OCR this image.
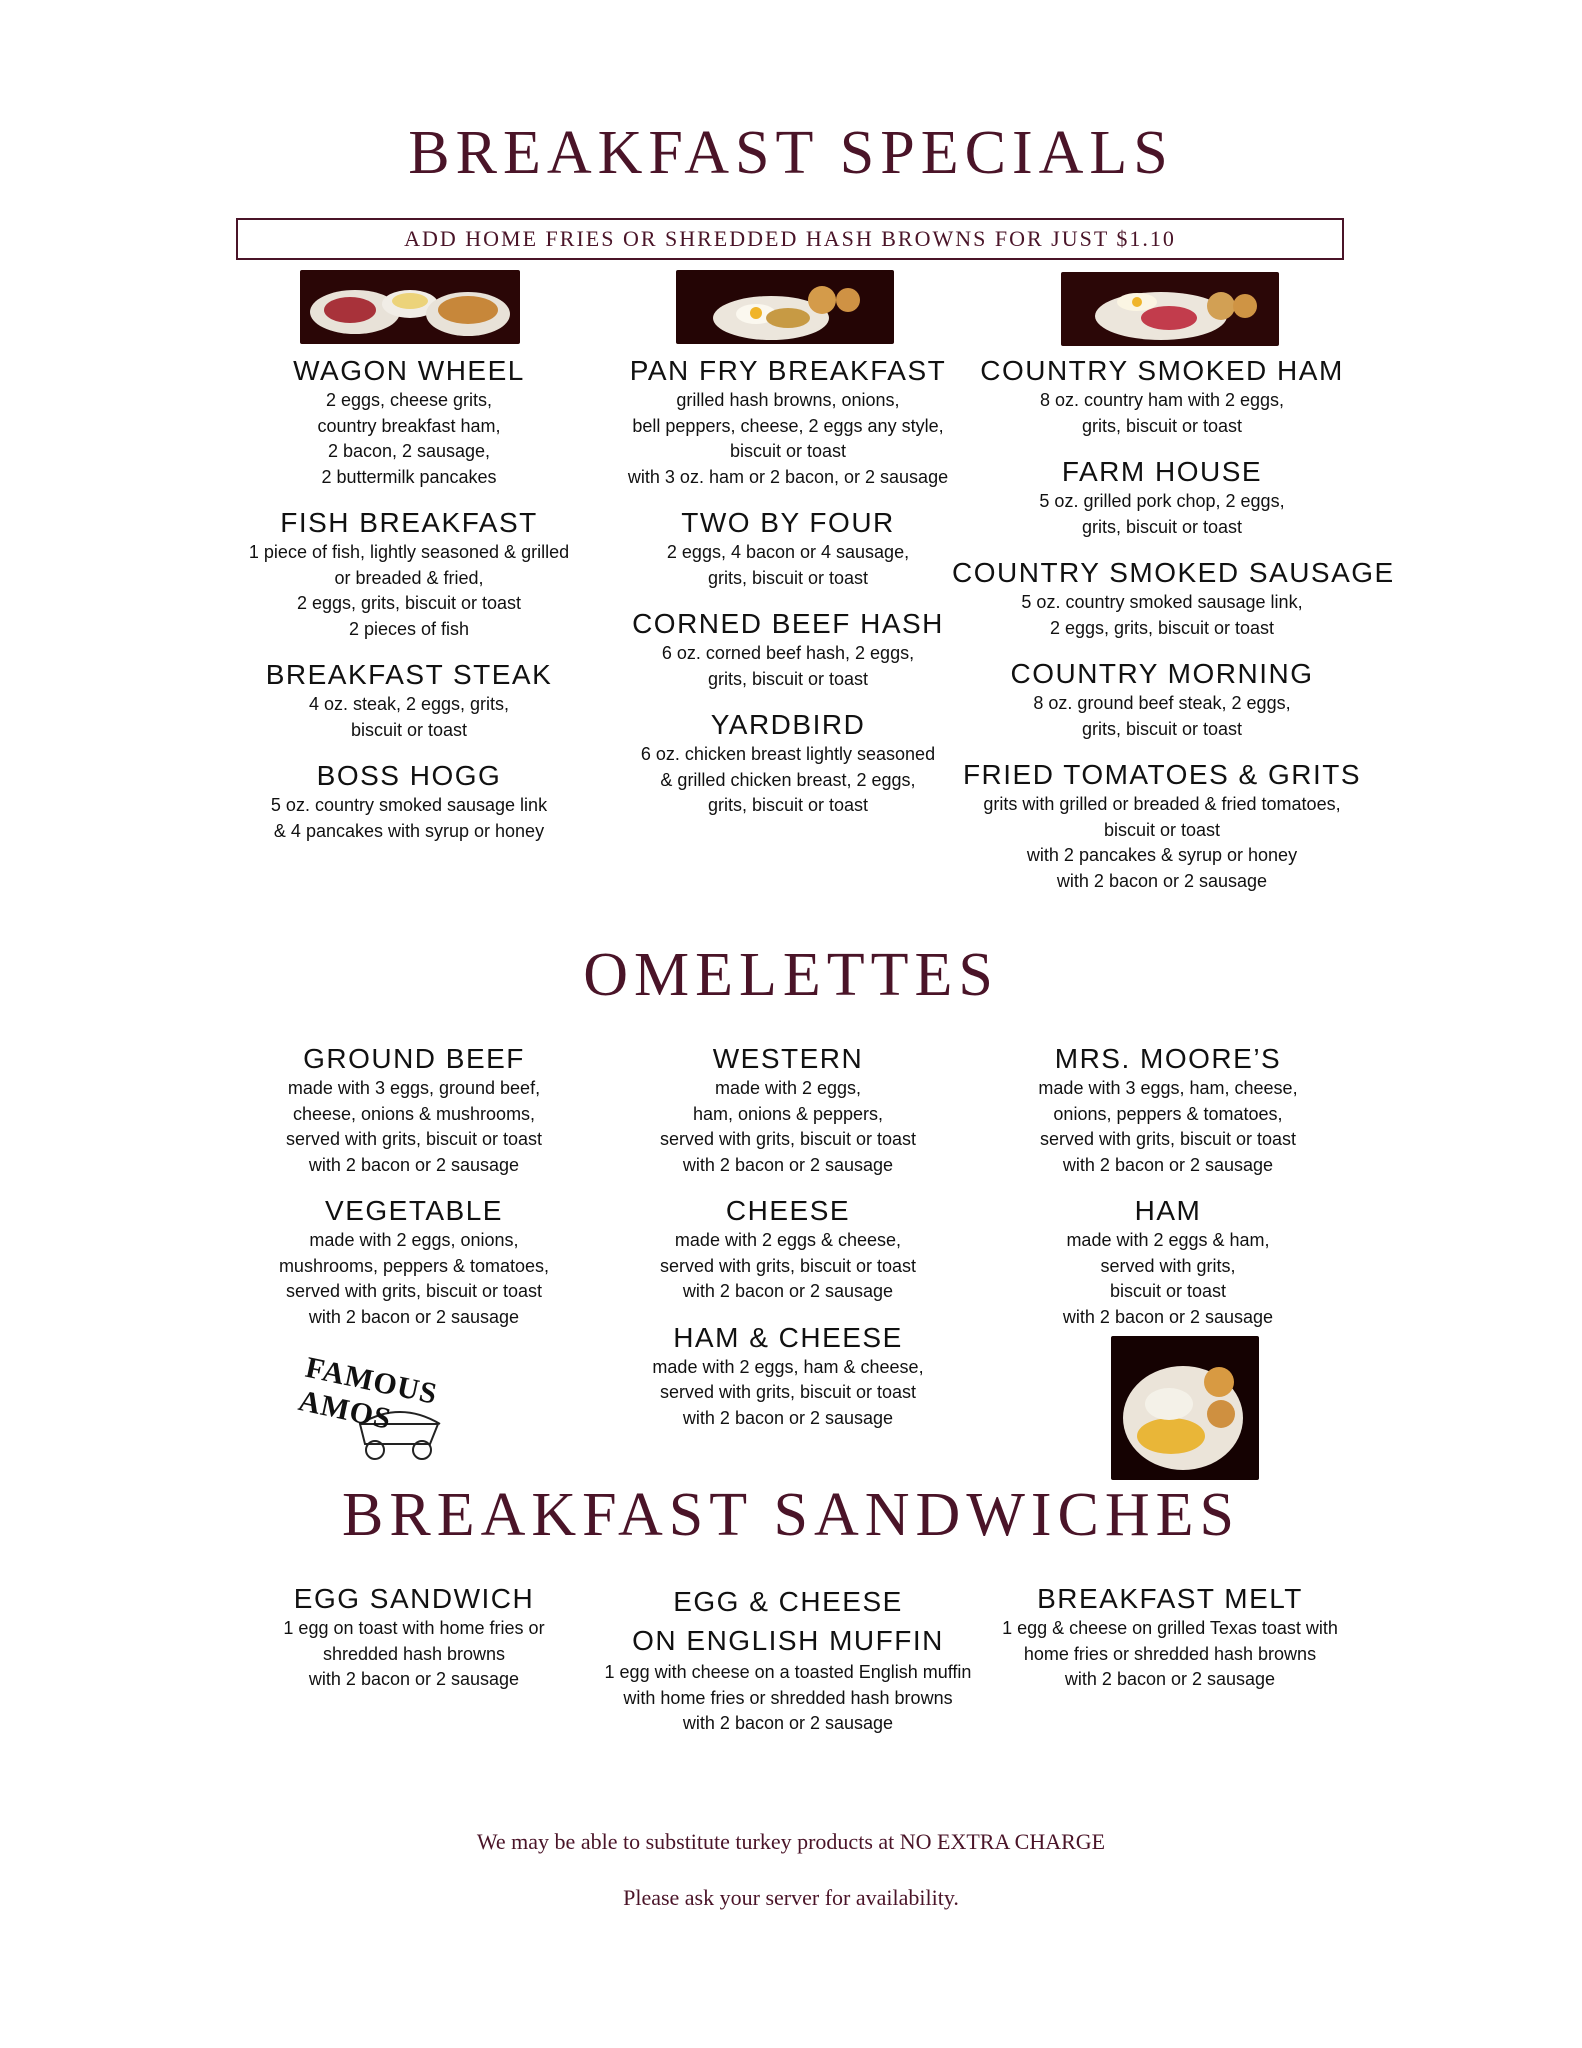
BREAKFAST SPECIALS
ADD HOME FRIES OR SHREDDED HASH BROWNS FOR JUST $1.10
WAGON WHEEL
2 eggs, cheese grits,
country breakfast ham,
2 bacon, 2 sausage,
2 buttermilk pancakes
FISH BREAKFAST
1 piece of fish, lightly seasoned & grilled
or breaded & fried,
2 eggs, grits, biscuit or toast
2 pieces of fish
BREAKFAST STEAK
4 oz. steak, 2 eggs, grits,
biscuit or toast
BOSS HOGG
5 oz. country smoked sausage link
& 4 pancakes with syrup or honey
PAN FRY BREAKFAST
grilled hash browns, onions,
bell peppers, cheese, 2 eggs any style,
biscuit or toast
with 3 oz. ham or 2 bacon, or 2 sausage
TWO BY FOUR
2 eggs, 4 bacon or 4 sausage,
grits, biscuit or toast
CORNED BEEF HASH
6 oz. corned beef hash, 2 eggs,
grits, biscuit or toast
YARDBIRD
6 oz. chicken breast lightly seasoned
& grilled chicken breast, 2 eggs,
grits, biscuit or toast
COUNTRY SMOKED HAM
8 oz. country ham with 2 eggs,
grits, biscuit or toast
FARM HOUSE
5 oz. grilled pork chop, 2 eggs,
grits, biscuit or toast
COUNTRY SMOKED SAUSAGE
5 oz. country smoked sausage link,
2 eggs, grits, biscuit or toast
COUNTRY MORNING
8 oz. ground beef steak, 2 eggs,
grits, biscuit or toast
FRIED TOMATOES & GRITS
grits with grilled or breaded & fried tomatoes,
biscuit or toast
with 2 pancakes & syrup or honey
with 2 bacon or 2 sausage
OMELETTES
GROUND BEEF
made with 3 eggs, ground beef,
cheese, onions & mushrooms,
served with grits, biscuit or toast
with 2 bacon or 2 sausage
VEGETABLE
made with 2 eggs, onions,
mushrooms, peppers & tomatoes,
served with grits, biscuit or toast
with 2 bacon or 2 sausage
WESTERN
made with 2 eggs,
ham, onions & peppers,
served with grits, biscuit or toast
with 2 bacon or 2 sausage
CHEESE
made with 2 eggs & cheese,
served with grits, biscuit or toast
with 2 bacon or 2 sausage
HAM & CHEESE
made with 2 eggs, ham & cheese,
served with grits, biscuit or toast
with 2 bacon or 2 sausage
MRS. MOORE’S
made with 3 eggs, ham, cheese,
onions, peppers & tomatoes,
served with grits, biscuit or toast
with 2 bacon or 2 sausage
HAM
made with 2 eggs & ham,
served with grits,
biscuit or toast
with 2 bacon or 2 sausage
FAMOUS AMOS
BREAKFAST SANDWICHES
EGG SANDWICH
1 egg on toast with home fries or
shredded hash browns
with 2 bacon or 2 sausage
EGG & CHEESE
ON ENGLISH MUFFIN
1 egg with cheese on a toasted English muffin
with home fries or shredded hash browns
with 2 bacon or 2 sausage
BREAKFAST MELT
1 egg & cheese on grilled Texas toast with
home fries or shredded hash browns
with 2 bacon or 2 sausage

We may be able to substitute turkey products at NO EXTRA CHARGE

Please ask your server for availability.
